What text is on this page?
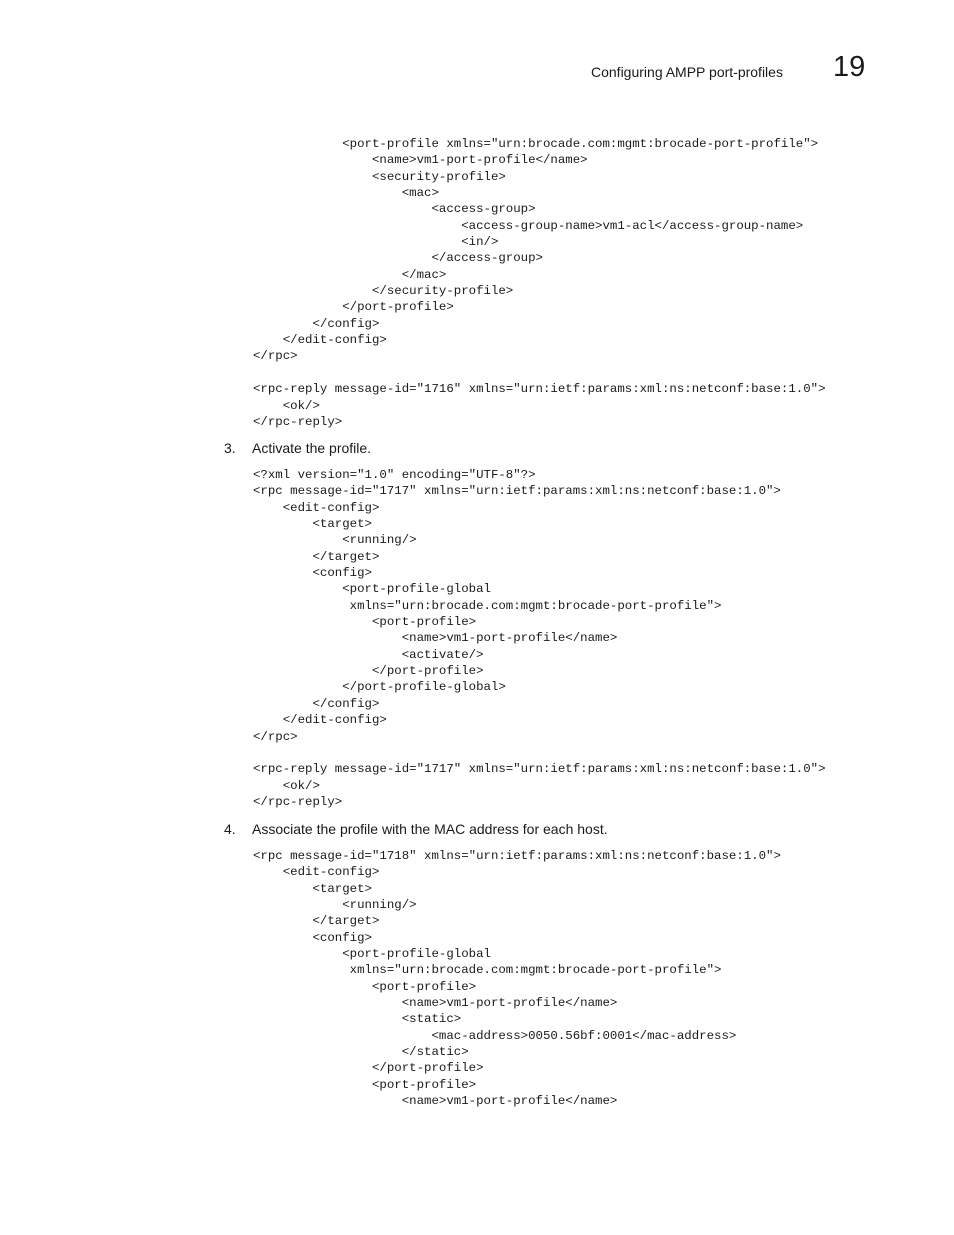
Configuring AMPP port-profiles 19
<port-profile xmlns="urn:brocade.com:mgmt:brocade-port-profile">
<name>vm1-port-profile</name>
<security-profile>
<mac>
<access-group>
<access-group-name>vm1-acl</access-group-name>
<in/>
</access-group>
</mac>
</security-profile>
</port-profile>
</config>
</edit-config>
</rpc>

<rpc-reply message-id="1716" xmlns="urn:ietf:params:xml:ns:netconf:base:1.0">
<ok/>
</rpc-reply>
3. Activate the profile.
<?xml version="1.0" encoding="UTF-8"?>
<rpc message-id="1717" xmlns="urn:ietf:params:xml:ns:netconf:base:1.0">
<edit-config>
<target>
<running/>
</target>
<config>
<port-profile-global
xmlns="urn:brocade.com:mgmt:brocade-port-profile">
<port-profile>
<name>vm1-port-profile</name>
<activate/>
</port-profile>
</port-profile-global>
</config>
</edit-config>
</rpc>

<rpc-reply message-id="1717" xmlns="urn:ietf:params:xml:ns:netconf:base:1.0">
<ok/>
</rpc-reply>
4. Associate the profile with the MAC address for each host.
<rpc message-id="1718" xmlns="urn:ietf:params:xml:ns:netconf:base:1.0">
<edit-config>
<target>
<running/>
</target>
<config>
<port-profile-global
xmlns="urn:brocade.com:mgmt:brocade-port-profile">
<port-profile>
<name>vm1-port-profile</name>
<static>
<mac-address>0050.56bf:0001</mac-address>
</static>
</port-profile>
<port-profile>
<name>vm1-port-profile</name>
